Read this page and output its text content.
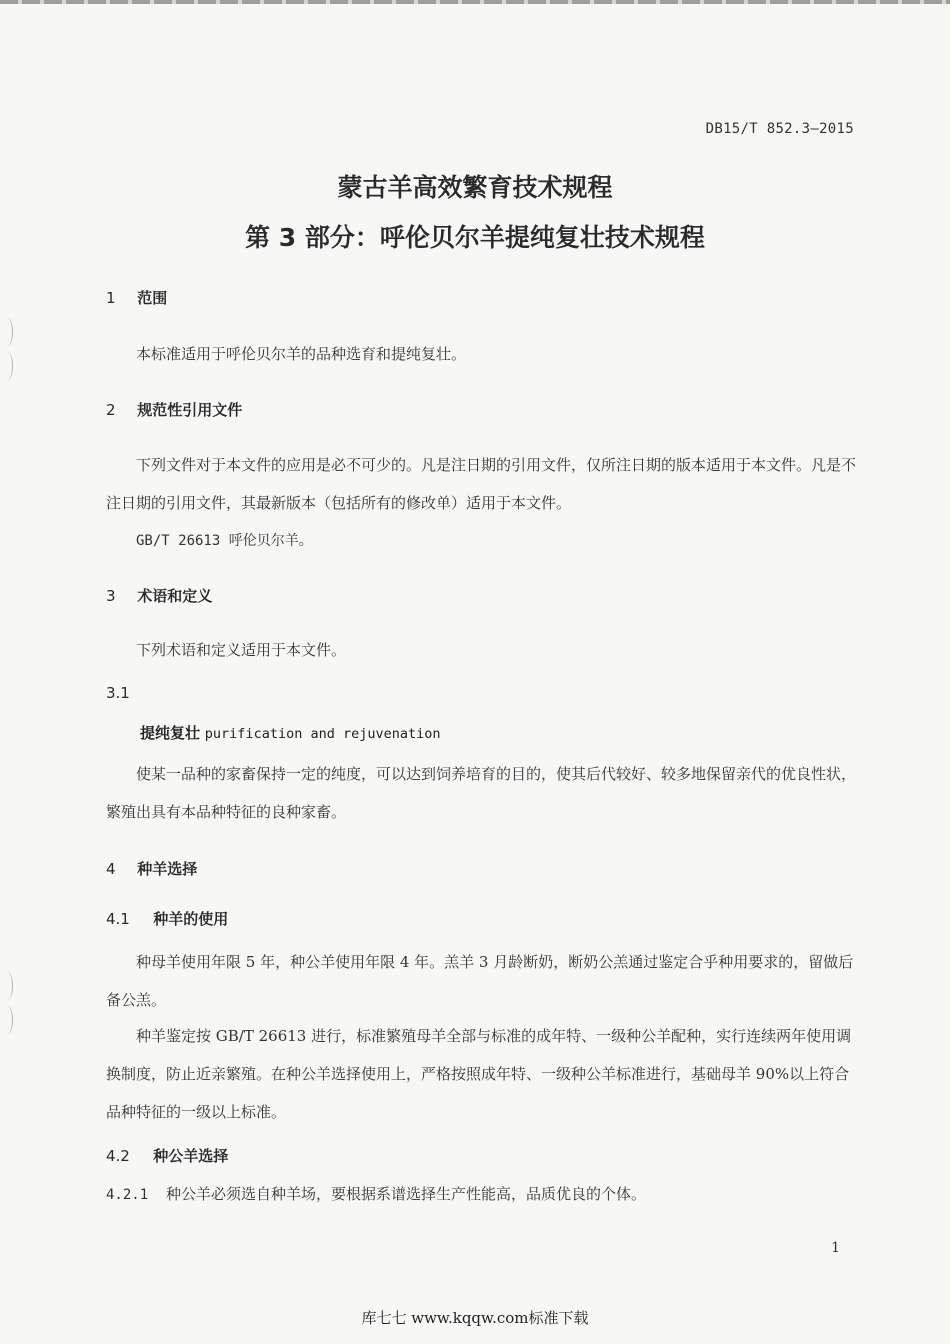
DB15/T 852.3—2015
蒙古羊高效繁育技术规程
第 3 部分：呼伦贝尔羊提纯复壮技术规程
1 范围
本标准适用于呼伦贝尔羊的品种选育和提纯复壮。
2 规范性引用文件
下列文件对于本文件的应用是必不可少的。凡是注日期的引用文件，仅所注日期的版本适用于本文件。凡是不注日期的引用文件，其最新版本（包括所有的修改单）适用于本文件。
GB/T 26613 呼伦贝尔羊。
3 术语和定义
下列术语和定义适用于本文件。
3.1
提纯复壮 purification and rejuvenation
使某一品种的家畜保持一定的纯度，可以达到饲养培育的目的，使其后代较好、较多地保留亲代的优良性状，繁殖出具有本品种特征的良种家畜。
4 种羊选择
4.1 种羊的使用
种母羊使用年限 5 年，种公羊使用年限 4 年。羔羊 3 月龄断奶，断奶公羔通过鉴定合乎种用要求的，留做后备公羔。
种羊鉴定按 GB/T 26613 进行，标准繁殖母羊全部与标准的成年特、一级种公羊配种，实行连续两年使用调换制度，防止近亲繁殖。在种公羊选择使用上，严格按照成年特、一级种公羊标准进行，基础母羊 90%以上符合品种特征的一级以上标准。
4.2 种公羊选择
4.2.1 种公羊必须选自种羊场，要根据系谱选择生产性能高，品质优良的个体。
1
库七七 www.kqqw.com标准下载
